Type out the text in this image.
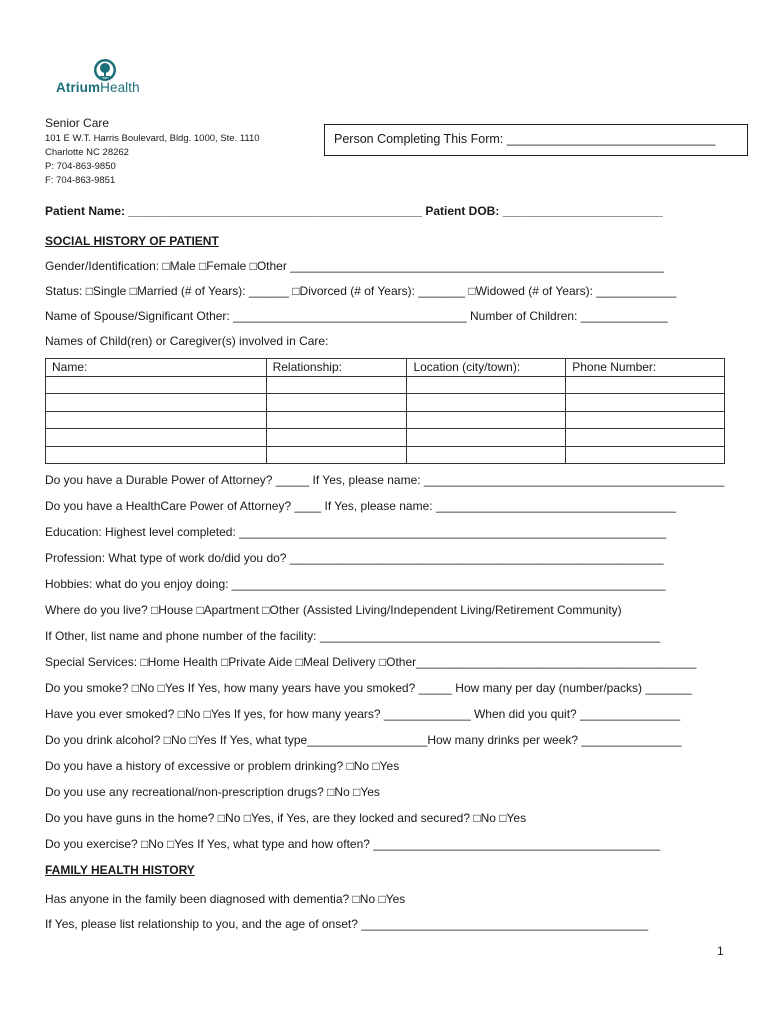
AtriumHealth
Senior Care
101 E W.T. Harris Boulevard, Bldg. 1000, Ste. 1110
Charlotte NC 28262
P: 704-863-9850
F: 704-863-9851
Person Completing This Form: ______________________________
Patient Name: ____________________________________________ Patient DOB: ________________________
SOCIAL HISTORY OF PATIENT
Gender/Identification: □Male □Female □Other ________________________________________________________
Status: □Single □Married (# of Years): ______ □Divorced (# of Years): _______ □Widowed (# of Years): ____________
Name of Spouse/Significant Other: ___________________________________ Number of Children: _____________
Names of Child(ren) or Caregiver(s) involved in Care:
Name:	Relationship:	Location (city/town):	Phone Number:

Do you have a Durable Power of Attorney? _____ If Yes, please name: _____________________________________________
Do you have a HealthCare Power of Attorney? ____ If Yes, please name: ____________________________________
Education: Highest level completed: ________________________________________________________________
Profession: What type of work do/did you do? ________________________________________________________
Hobbies: what do you enjoy doing: _________________________________________________________________
Where do you live? □House □Apartment □Other (Assisted Living/Independent Living/Retirement Community)
If Other, list name and phone number of the facility: ___________________________________________________
Special Services: □Home Health □Private Aide □Meal Delivery □Other__________________________________________
Do you smoke? □No □Yes If Yes, how many years have you smoked? _____ How many per day (number/packs) _______
Have you ever smoked? □No □Yes If yes, for how many years? _____________ When did you quit? _______________
Do you drink alcohol? □No □Yes If Yes, what type__________________How many drinks per week? _______________
Do you have a history of excessive or problem drinking? □No □Yes
Do you use any recreational/non-prescription drugs? □No □Yes
Do you have guns in the home? □No □Yes, if Yes, are they locked and secured? □No □Yes
Do you exercise? □No □Yes If Yes, what type and how often? ___________________________________________
FAMILY HEALTH HISTORY
Has anyone in the family been diagnosed with dementia? □No □Yes
If Yes, please list relationship to you, and the age of onset? ___________________________________________
1
